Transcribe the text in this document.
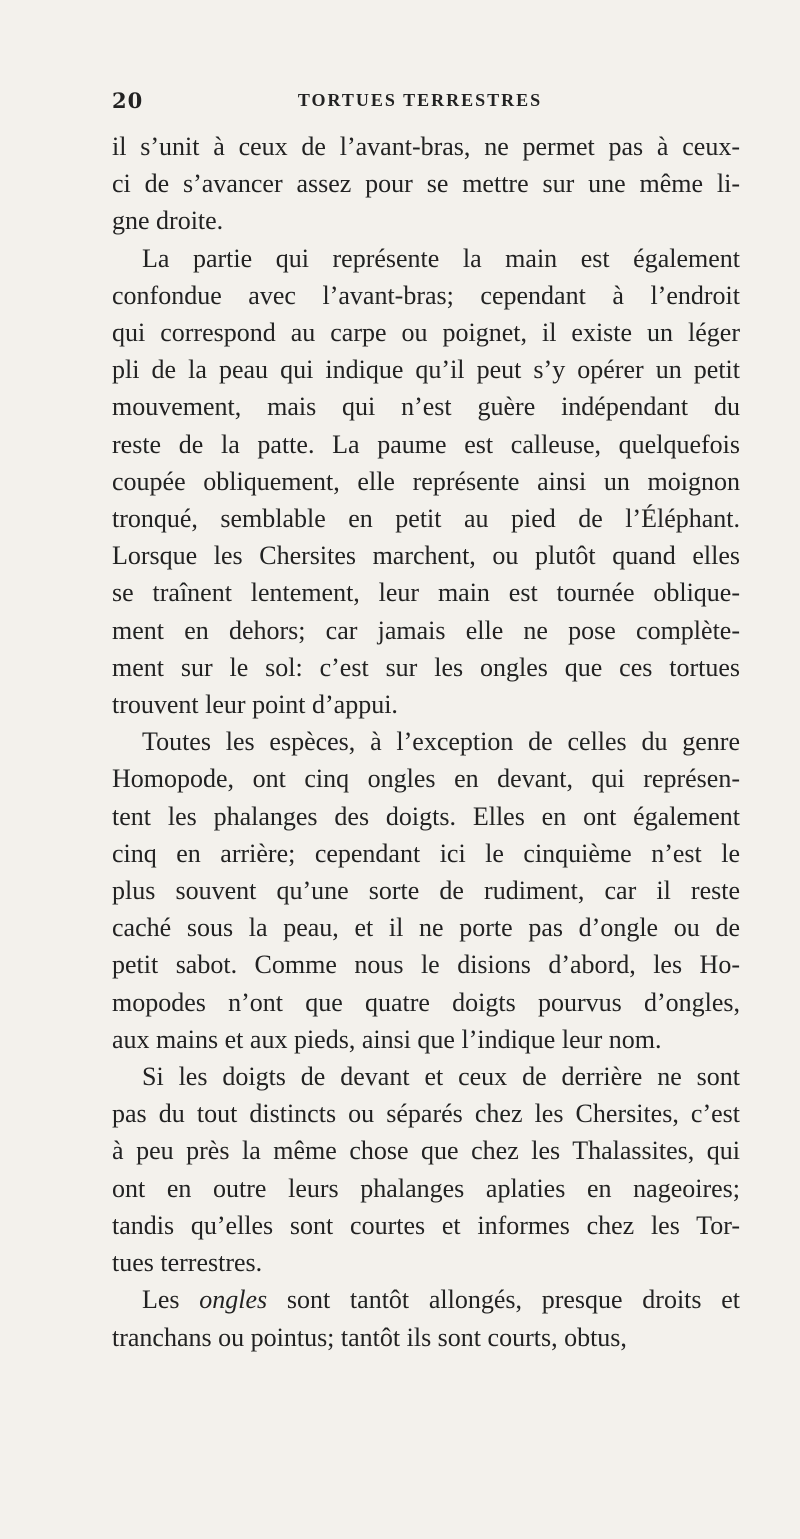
20	TORTUES TERRESTRES
il s’unit à ceux de l’avant-bras, ne permet pas à ceux-
ci de s’avancer assez pour se mettre sur une même li-
gne droite.
La partie qui représente la main est également
confondue avec l’avant-bras; cependant à l’endroit
qui correspond au carpe ou poignet, il existe un léger
pli de la peau qui indique qu’il peut s’y opérer un petit
mouvement, mais qui n’est guère indépendant du
reste de la patte. La paume est calleuse, quelquefois
coupée obliquement, elle représente ainsi un moignon
tronqué, semblable en petit au pied de l’Éléphant.
Lorsque les Chersites marchent, ou plutôt quand elles
se traînent lentement, leur main est tournée oblique-
ment en dehors; car jamais elle ne pose complète-
ment sur le sol: c’est sur les ongles que ces tortues
trouvent leur point d’appui.
Toutes les espèces, à l’exception de celles du genre
Homopode, ont cinq ongles en devant, qui représen-
tent les phalanges des doigts. Elles en ont également
cinq en arrière; cependant ici le cinquième n’est le
plus souvent qu’une sorte de rudiment, car il reste
caché sous la peau, et il ne porte pas d’ongle ou de
petit sabot. Comme nous le disions d’abord, les Ho-
mopodes n’ont que quatre doigts pourvus d’ongles,
aux mains et aux pieds, ainsi que l’indique leur nom.
Si les doigts de devant et ceux de derrière ne sont
pas du tout distincts ou séparés chez les Chersites, c’est
à peu près la même chose que chez les Thalassites, qui
ont en outre leurs phalanges aplaties en nageoires;
tandis qu’elles sont courtes et informes chez les Tor-
tues terrestres.
Les ongles sont tantôt allongés, presque droits et
tranchans ou pointus; tantôt ils sont courts, obtus,
